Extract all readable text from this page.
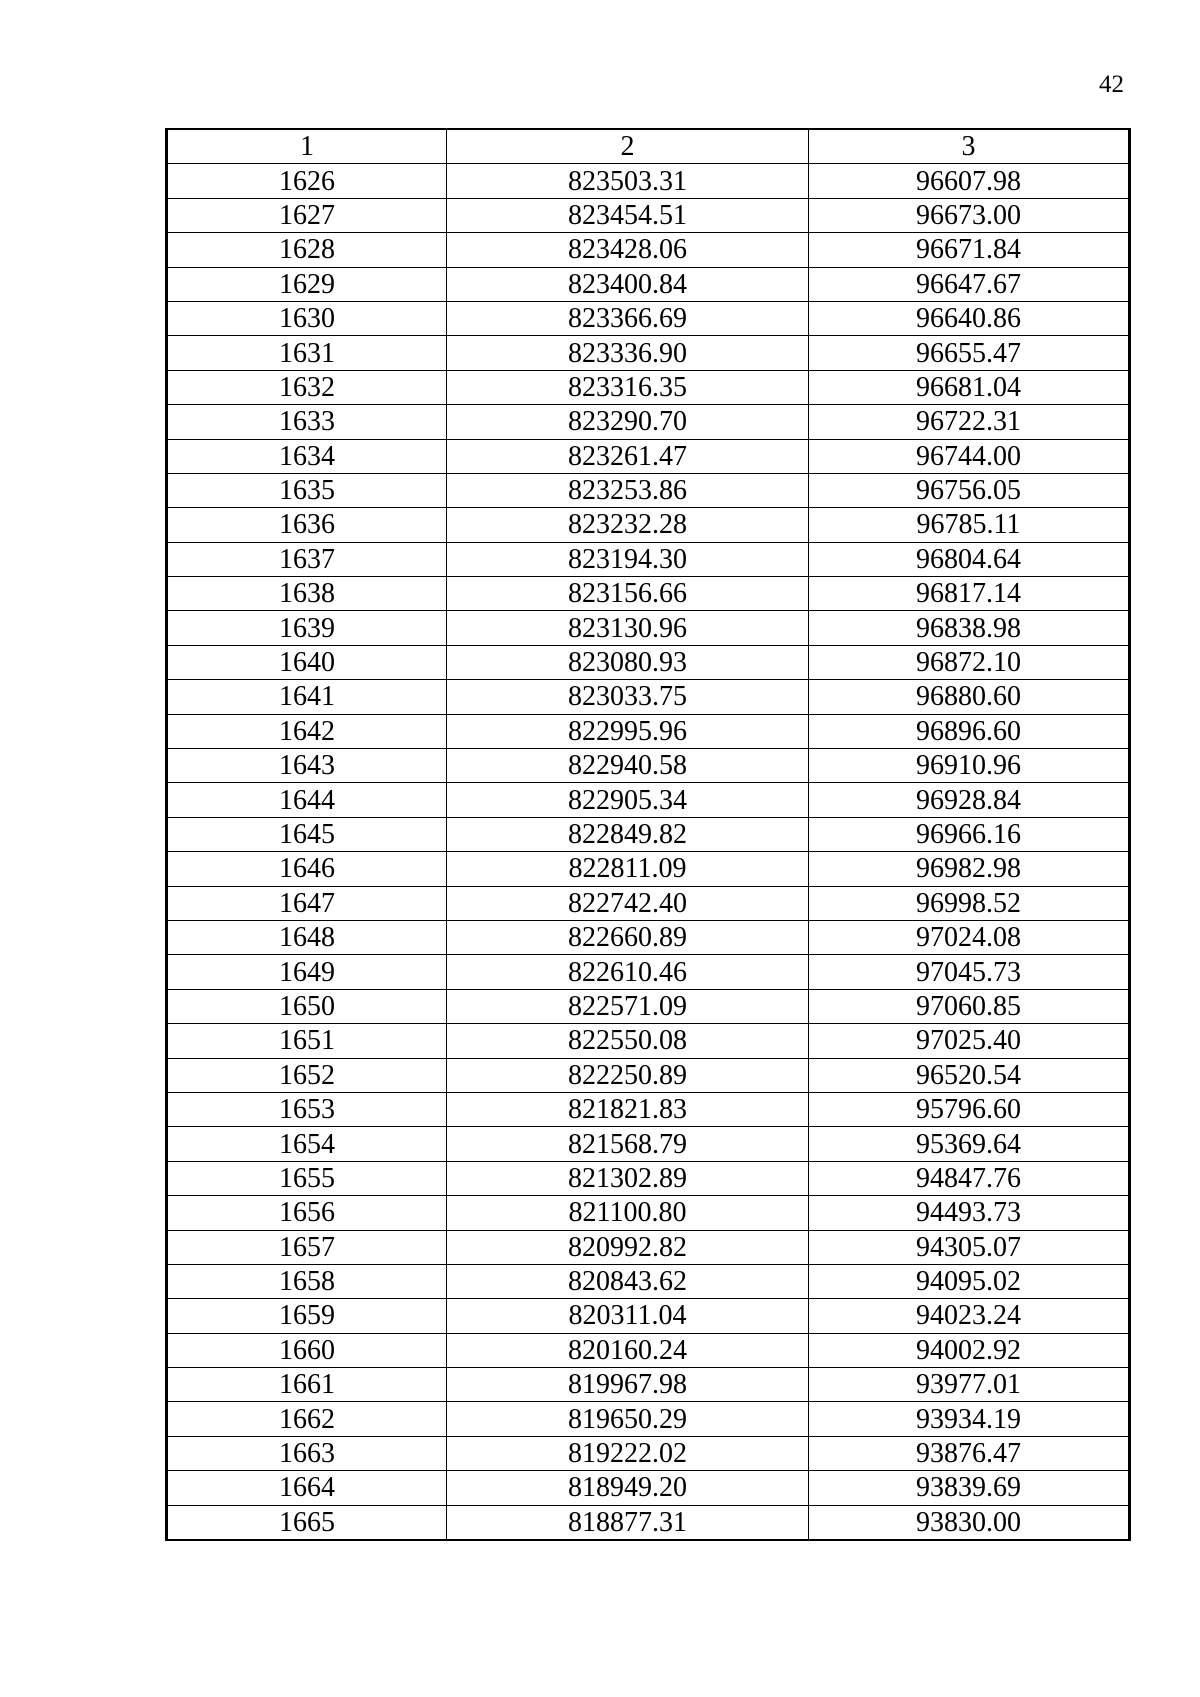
42
1	2	3
1626	823503.31	96607.98
1627	823454.51	96673.00
1628	823428.06	96671.84
1629	823400.84	96647.67
1630	823366.69	96640.86
1631	823336.90	96655.47
1632	823316.35	96681.04
1633	823290.70	96722.31
1634	823261.47	96744.00
1635	823253.86	96756.05
1636	823232.28	96785.11
1637	823194.30	96804.64
1638	823156.66	96817.14
1639	823130.96	96838.98
1640	823080.93	96872.10
1641	823033.75	96880.60
1642	822995.96	96896.60
1643	822940.58	96910.96
1644	822905.34	96928.84
1645	822849.82	96966.16
1646	822811.09	96982.98
1647	822742.40	96998.52
1648	822660.89	97024.08
1649	822610.46	97045.73
1650	822571.09	97060.85
1651	822550.08	97025.40
1652	822250.89	96520.54
1653	821821.83	95796.60
1654	821568.79	95369.64
1655	821302.89	94847.76
1656	821100.80	94493.73
1657	820992.82	94305.07
1658	820843.62	94095.02
1659	820311.04	94023.24
1660	820160.24	94002.92
1661	819967.98	93977.01
1662	819650.29	93934.19
1663	819222.02	93876.47
1664	818949.20	93839.69
1665	818877.31	93830.00
